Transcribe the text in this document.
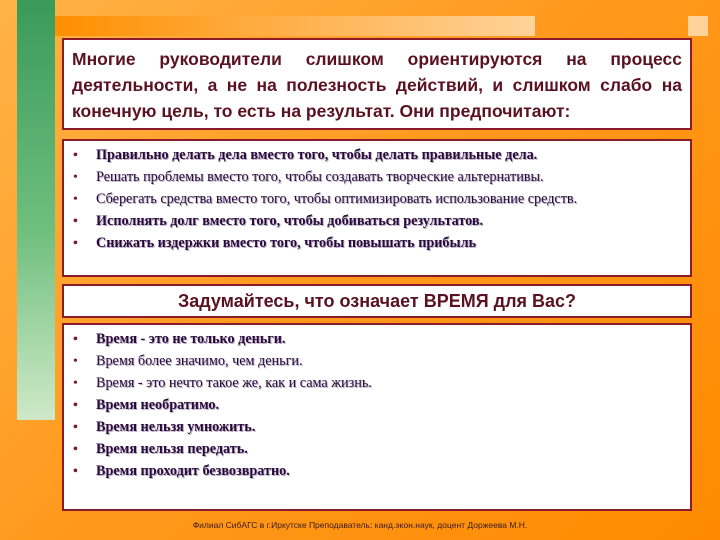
Многие руководители слишком ориентируются на процесс деятельности, а не на полезность действий, и слишком слабо на конечную цель, то есть на результат. Они предпочитают:

• Правильно делать дела вместо того, чтобы делать правильные дела.
• Решать проблемы вместо того, чтобы создавать творческие альтернативы.
• Сберегать средства вместо того, чтобы оптимизировать использование средств.
• Исполнять долг вместо того, чтобы добиваться результатов.
• Снижать издержки вместо того, чтобы повышать прибыль
Задумайтесь, что означает ВРЕМЯ для Вас?
• Время - это не только деньги.
• Время более значимо, чем деньги.
• Время - это нечто такое же, как и сама жизнь.
• Время необратимо.
• Время нельзя умножить.
• Время нельзя передать.
• Время проходит безвозвратно.
Филиал СибАГС в г.Иркутске Преподаватель: канд.экон.наук, доцент Доржеева М.Н.
